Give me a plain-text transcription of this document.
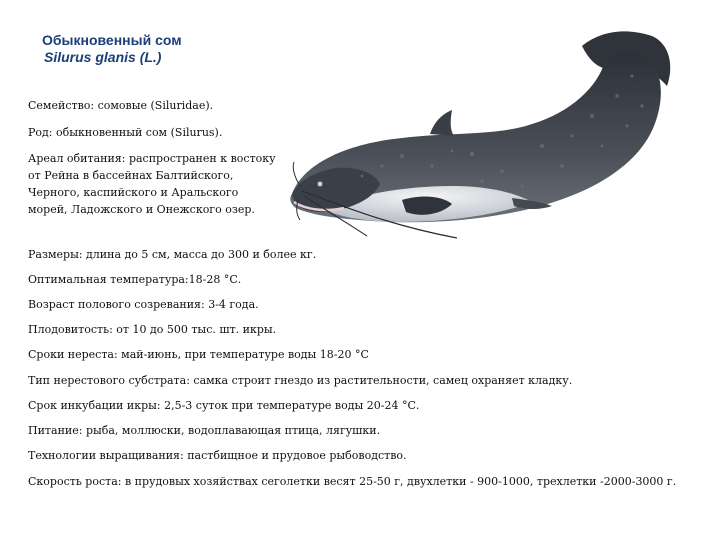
Обыкновенный сом
Silurus glanis (L.)
Семейство: сомовые (Siluridae).
Род: обыкновенный сом (Silurus).
Ареал обитания: распространен к востоку
от Рейна в бассейнах Балтийского,
Черного, каспийского и Аральского
морей, Ладожского и Онежского озер.
Размеры: длина до 5 см, масса до 300 и более кг.
Оптимальная температура:18-28 °С.
Возраст полового созревания: 3-4 года.
Плодовитость: от 10 до 500 тыс. шт. икры.
Сроки нереста: май-июнь, при температуре воды 18-20 °С
Тип нерестового субстрата: самка строит гнездо из растительности, самец охраняет кладку.
Срок инкубации икры: 2,5-3 суток при температуре воды 20-24 °С.
Питание: рыба, моллюски, водоплавающая птица, лягушки.
Технологии выращивания: пастбищное и прудовое рыбоводство.
Скорость роста: в прудовых хозяйствах сеголетки весят 25-50 г, двухлетки - 900-1000, трехлетки -2000-3000 г.
